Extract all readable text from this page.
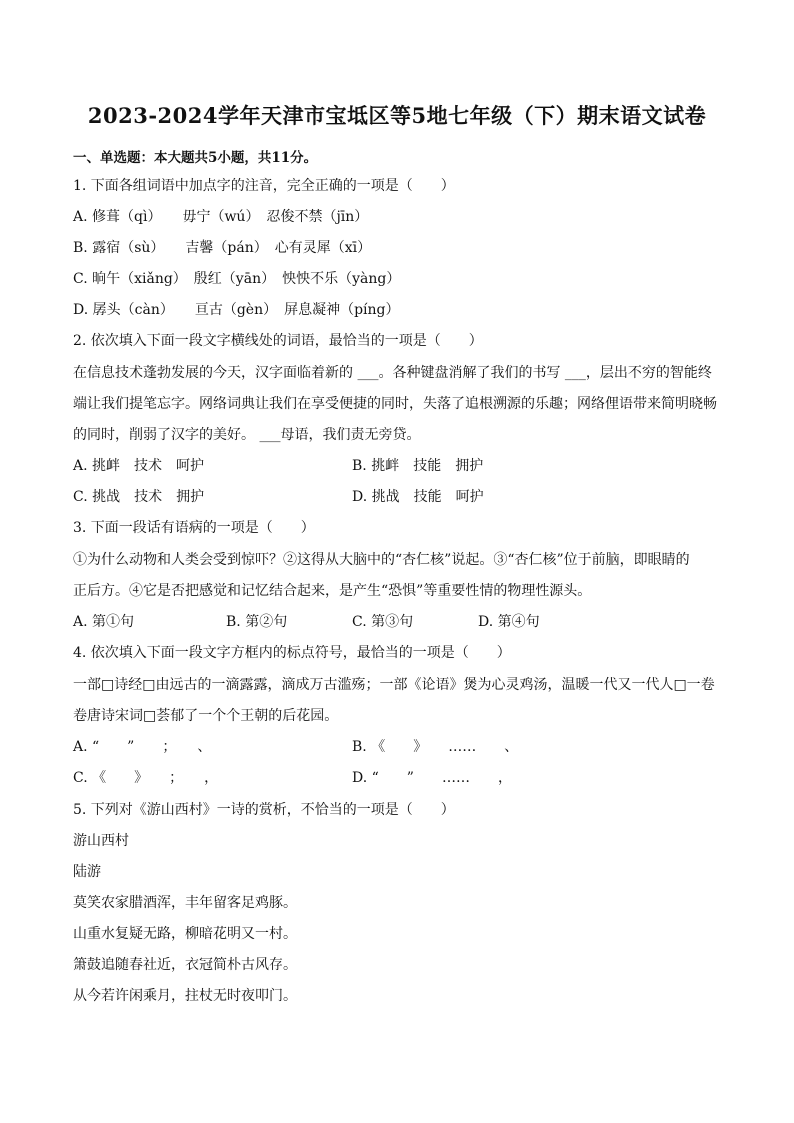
2023-2024学年天津市宝坻区等5地七年级（下）期末语文试卷
一、单选题：本大题共5小题，共11分。
1. 下面各组词语中加点字的注音，完全正确的一项是（　　）
A. 修葺（qì）　　毋宁（wú）　忍俊不禁（jīn）
B. 露宿（sù）　　吉馨（pán）　心有灵犀（xī）
C. 晌午（xiǎng）　殷红（yān）　怏怏不乐（yàng）
D. 孱头（càn）　　亘古（gèn）　屏息凝神（píng）
2. 依次填入下面一段文字横线处的词语，最恰当的一项是（　　）
在信息技术蓬勃发展的今天，汉字面临着新的 ___。各种键盘消解了我们的书写 ___，层出不穷的智能终
端让我们提笔忘字。网络词典让我们在享受便捷的同时，失落了追根溯源的乐趣；网络俚语带来简明晓畅
的同时，削弱了汉字的美好。 ___母语，我们责无旁贷。
A. 挑衅　技术　呵护	B. 挑衅　技能　拥护
C. 挑战　技术　拥护	D. 挑战　技能　呵护
3. 下面一段话有语病的一项是（　　）
①为什么动物和人类会受到惊吓？②这得从大脑中的“杏仁核”说起。③“杏仁核”位于前脑，即眼睛的
正后方。④它是否把感觉和记忆结合起来，是产生“恐惧”等重要性情的物理性源头。
A. 第①句	B. 第②句	C. 第③句	D. 第④句
4. 依次填入下面一段文字方框内的标点符号，最恰当的一项是（　　）
一部□诗经□由远古的一滴露露，滴成万古滥殇；一部《论语》煲为心灵鸡汤，温暖一代又一代人□一卷
卷唐诗宋词□荟郁了一个个王朝的后花园。
A. “　　”　　；　　、	B. 《　　》　　……　　、
C. 《　　》　　；　　，	D. “　　”　　……　　，
5. 下列对《游山西村》一诗的赏析，不恰当的一项是（　　）
游山西村
陆游
莫笑农家腊酒浑，丰年留客足鸡豚。
山重水复疑无路，柳暗花明又一村。
箫鼓追随春社近，衣冠简朴古风存。
从今若许闲乘月，拄杖无时夜叩门。
